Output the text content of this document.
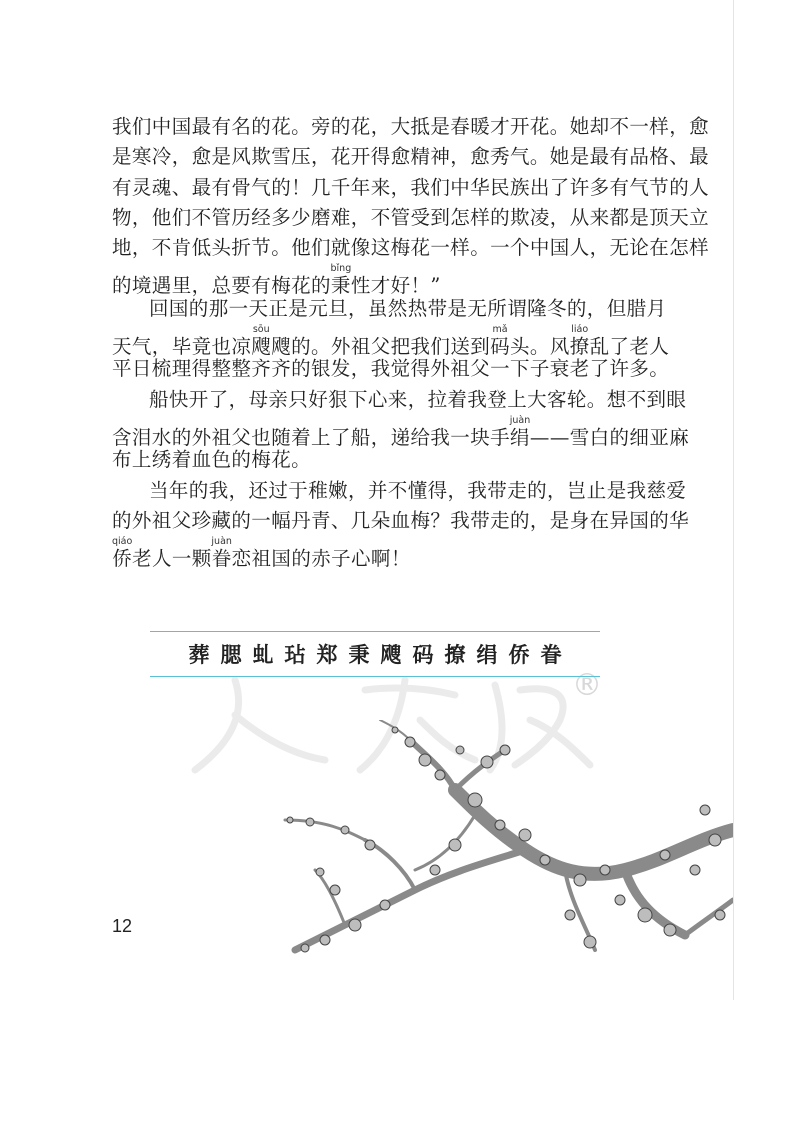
我们中国最有名的花。旁的花，大抵是春暖才开花。她却不一样，愈
是寒冷，愈是风欺雪压，花开得愈精神，愈秀气。她是最有品格、最
有灵魂、最有骨气的！几千年来，我们中华民族出了许多有气节的人
物，他们不管历经多少磨难，不管受到怎样的欺凌，从来都是顶天立
地，不肯低头折节。他们就像这梅花一样。一个中国人，无论在怎样
的境遇里，总要有梅花的秉bǐng性才好！”
回国的那一天正是元旦，虽然热带是无所谓隆冬的，但腊月
天气，毕竟也凉飕sōu飕的。外祖父把我们送到码mǎ头。风撩liáo乱了老人
平日梳理得整整齐齐的银发，我觉得外祖父一下子衰老了许多。
船快开了，母亲只好狠下心来，拉着我登上大客轮。想不到眼
含泪水的外祖父也随着上了船，递给我一块手绢juàn——雪白的细亚麻
布上绣着血色的梅花。
当年的我，还过于稚嫩，并不懂得，我带走的，岂止是我慈爱
的外祖父珍藏的一幅丹青、几朵血梅？我带走的，是身在异国的华
侨qiáo老人一颗眷juàn恋祖国的赤子心啊！
®
12
葬腮虬玷郑秉飕码撩绢侨眷
